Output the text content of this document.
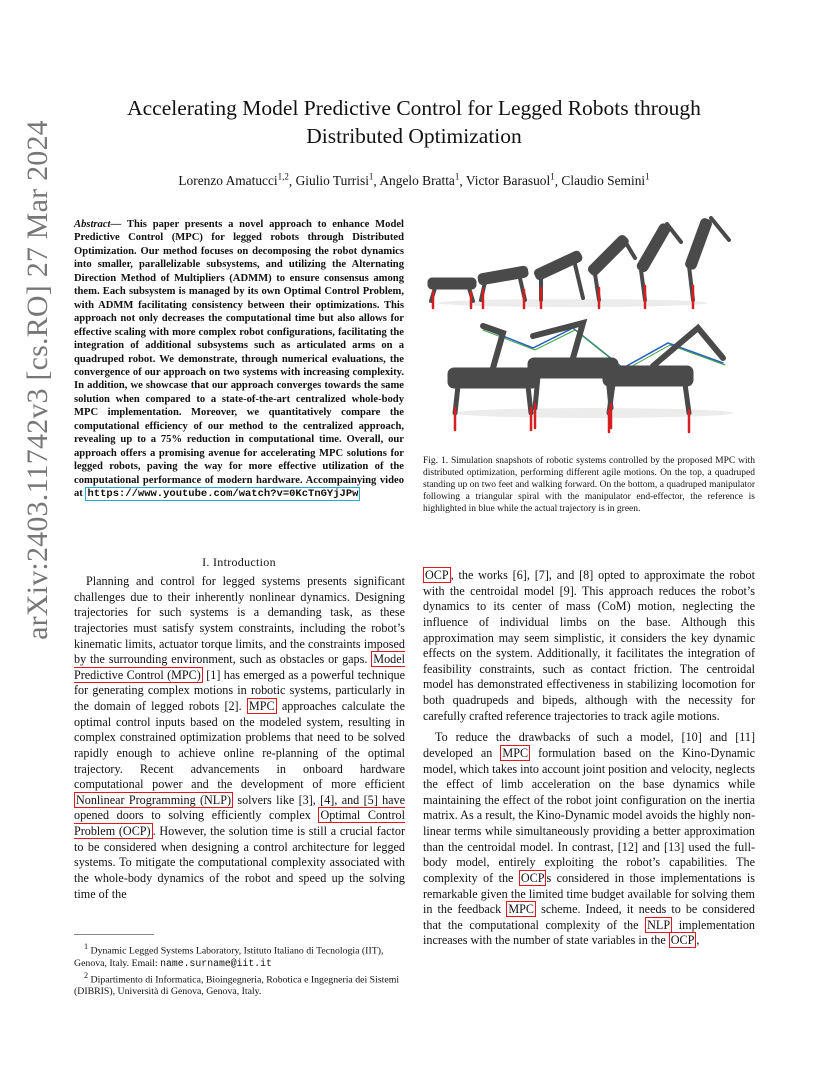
arXiv:2403.11742v3 [cs.RO] 27 Mar 2024
Accelerating Model Predictive Control for Legged Robots through
Distributed Optimization
Lorenzo Amatucci$^{1,2}$, Giulio Turrisi$^1$, Angelo Bratta$^1$, Victor Barasuol$^1$, Claudio Semini$^1$
Abstract— This paper presents a novel approach to enhance Model Predictive Control (MPC) for legged robots through Distributed Optimization. Our method focuses on decomposing the robot dynamics into smaller, parallelizable subsystems, and utilizing the Alternating Direction Method of Multipliers (ADMM) to ensure consensus among them. Each subsystem is managed by its own Optimal Control Problem, with ADMM facilitating consistency between their optimizations. This approach not only decreases the computational time but also allows for effective scaling with more complex robot configurations, facilitating the integration of additional subsystems such as articulated arms on a quadruped robot. We demonstrate, through numerical evaluations, the convergence of our approach on two systems with increasing complexity. In addition, we showcase that our approach converges towards the same solution when compared to a state-of-the-art centralized whole-body MPC implementation. Moreover, we quantitatively compare the computational efficiency of our method to the centralized approach, revealing up to a 75% reduction in computational time. Overall, our approach offers a promising avenue for accelerating MPC solutions for legged robots, paving the way for more effective utilization of the computational performance of modern hardware. Accompainying video at https://www.youtube.com/watch?v=0KcTnGYjJPw
I. Introduction

Planning and control for legged systems presents significant challenges due to their inherently nonlinear dynamics. Designing trajectories for such systems is a demanding task, as these trajectories must satisfy system constraints, including the robot’s kinematic limits, actuator torque limits, and the constraints imposed by the surrounding environment, such as obstacles or gaps. Model Predictive Control (MPC) [1] has emerged as a powerful technique for generating complex motions in robotic systems, particularly in the domain of legged robots [2]. MPC approaches calculate the optimal control inputs based on the modeled system, resulting in complex constrained optimization problems that need to be solved rapidly enough to achieve online re-planning of the optimal trajectory. Recent advancements in onboard hardware computational power and the development of more efficient Nonlinear Programming (NLP) solvers like [3], [4], and [5] have opened doors to solving efficiently complex Optimal Control Problem (OCP) . However, the solution time is still a crucial factor to be considered when designing a control architecture for legged systems. To mitigate the computational complexity associated with the whole-body dynamics of the robot and speed up the solving time of the

$^1$ Dynamic Legged Systems Laboratory, Istituto Italiano di Tecnologia (IIT), Genova, Italy. Email: name.surname@iit.it

$^2$ Dipartimento di Informatica, Bioingegneria, Robotica e Ingegneria dei Sistemi (DIBRIS), Università di Genova, Genova, Italy.

Fig. 1. Simulation snapshots of robotic systems controlled by the proposed MPC with distributed optimization, performing different agile motions. On the top, a quadruped standing up on two feet and walking forward. On the bottom, a quadruped manipulator following a triangular spiral with the manipulator end-effector, the reference is highlighted in blue while the actual trajectory is in green.

OCP , the works [6], [7], and [8] opted to approximate the robot with the centroidal model [9]. This approach reduces the robot’s dynamics to its center of mass (CoM) motion, neglecting the influence of individual limbs on the base. Although this approximation may seem simplistic, it considers the key dynamic effects on the system. Additionally, it facilitates the integration of feasibility constraints, such as contact friction. The centroidal model has demonstrated effectiveness in stabilizing locomotion for both quadrupeds and bipeds, although with the necessity for carefully crafted reference trajectories to track agile motions.

To reduce the drawbacks of such a model, [10] and [11] developed an MPC formulation based on the Kino-Dynamic model, which takes into account joint position and velocity, neglects the effect of limb acceleration on the base dynamics while maintaining the effect of the robot joint configuration on the inertia matrix. As a result, the Kino-Dynamic model avoids the highly non-linear terms while simultaneously providing a better approximation than the centroidal model. In contrast, [12] and [13] used the full-body model, entirely exploiting the robot’s capabilities. The complexity of the OCP s considered in those implementations is remarkable given the limited time budget available for solving them in the feedback MPC scheme. Indeed, it needs to be considered that the computational complexity of the NLP implementation increases with the number of state variables in the OCP ,
